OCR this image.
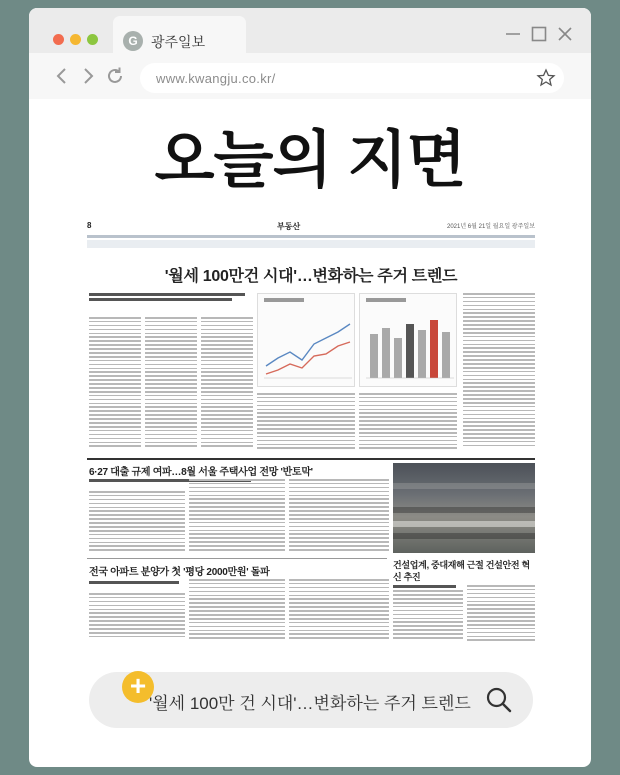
G 광주일보
www.kwangju.co.kr/
오늘의 지면
8	부동산	2021년 6월 21일 월요일 광주일보
'월세 100만건 시대'…변화하는 주거 트렌드
6·27 대출 규제 여파…8월 서울 주택사업 전망 '반토막'
전국 아파트 분양가 첫 '평당 2000만원' 돌파
건설업계, 중대재해 근절 건설안전 혁신 추진
'월세 100만 건 시대'…변화하는 주거 트렌드
+
